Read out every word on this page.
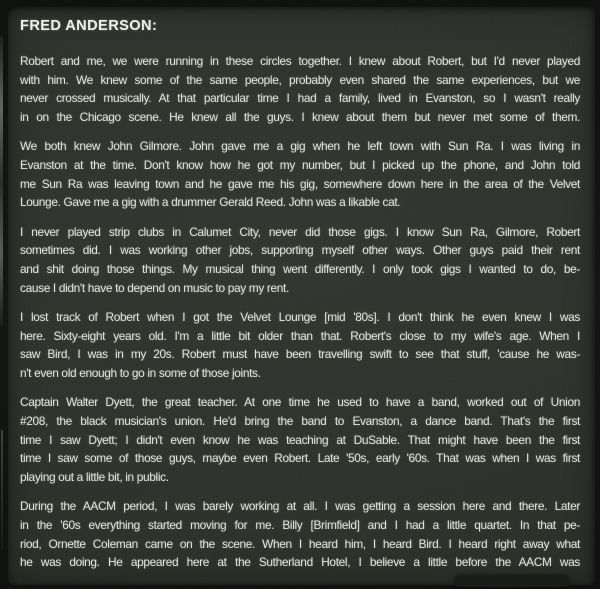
FRED ANDERSON:
Robert and me, we were running in these circles together. I knew about Robert, but I'd never played
with him. We knew some of the same people, probably even shared the same experiences, but we
never crossed musically. At that particular time I had a family, lived in Evanston, so I wasn't really
in on the Chicago scene. He knew all the guys. I knew about them but never met some of them.
We both knew John Gilmore. John gave me a gig when he left town with Sun Ra. I was living in
Evanston at the time. Don't know how he got my number, but I picked up the phone, and John told
me Sun Ra was leaving town and he gave me his gig, somewhere down here in the area of the Velvet
Lounge. Gave me a gig with a drummer Gerald Reed. John was a likable cat.
I never played strip clubs in Calumet City, never did those gigs. I know Sun Ra, Gilmore, Robert
sometimes did. I was working other jobs, supporting myself other ways. Other guys paid their rent
and shit doing those things. My musical thing went differently. I only took gigs I wanted to do, be-
cause I didn't have to depend on music to pay my rent.
I lost track of Robert when I got the Velvet Lounge [mid '80s]. I don't think he even knew I was
here. Sixty-eight years old. I'm a little bit older than that. Robert's close to my wife's age. When I
saw Bird, I was in my 20s. Robert must have been travelling swift to see that stuff, 'cause he was-
n't even old enough to go in some of those joints.
Captain Walter Dyett, the great teacher. At one time he used to have a band, worked out of Union
#208, the black musician's union. He'd bring the band to Evanston, a dance band. That's the first
time I saw Dyett; I didn't even know he was teaching at DuSable. That might have been the first
time I saw some of those guys, maybe even Robert. Late '50s, early '60s. That was when I was first
playing out a little bit, in public.
During the AACM period, I was barely working at all. I was getting a session here and there. Later
in the '60s everything started moving for me. Billy [Brimfield] and I had a little quartet. In that pe-
riod, Ornette Coleman came on the scene. When I heard him, I heard Bird. I heard right away what
he was doing. He appeared here at the Sutherland Hotel, I believe a little before the AACM was
